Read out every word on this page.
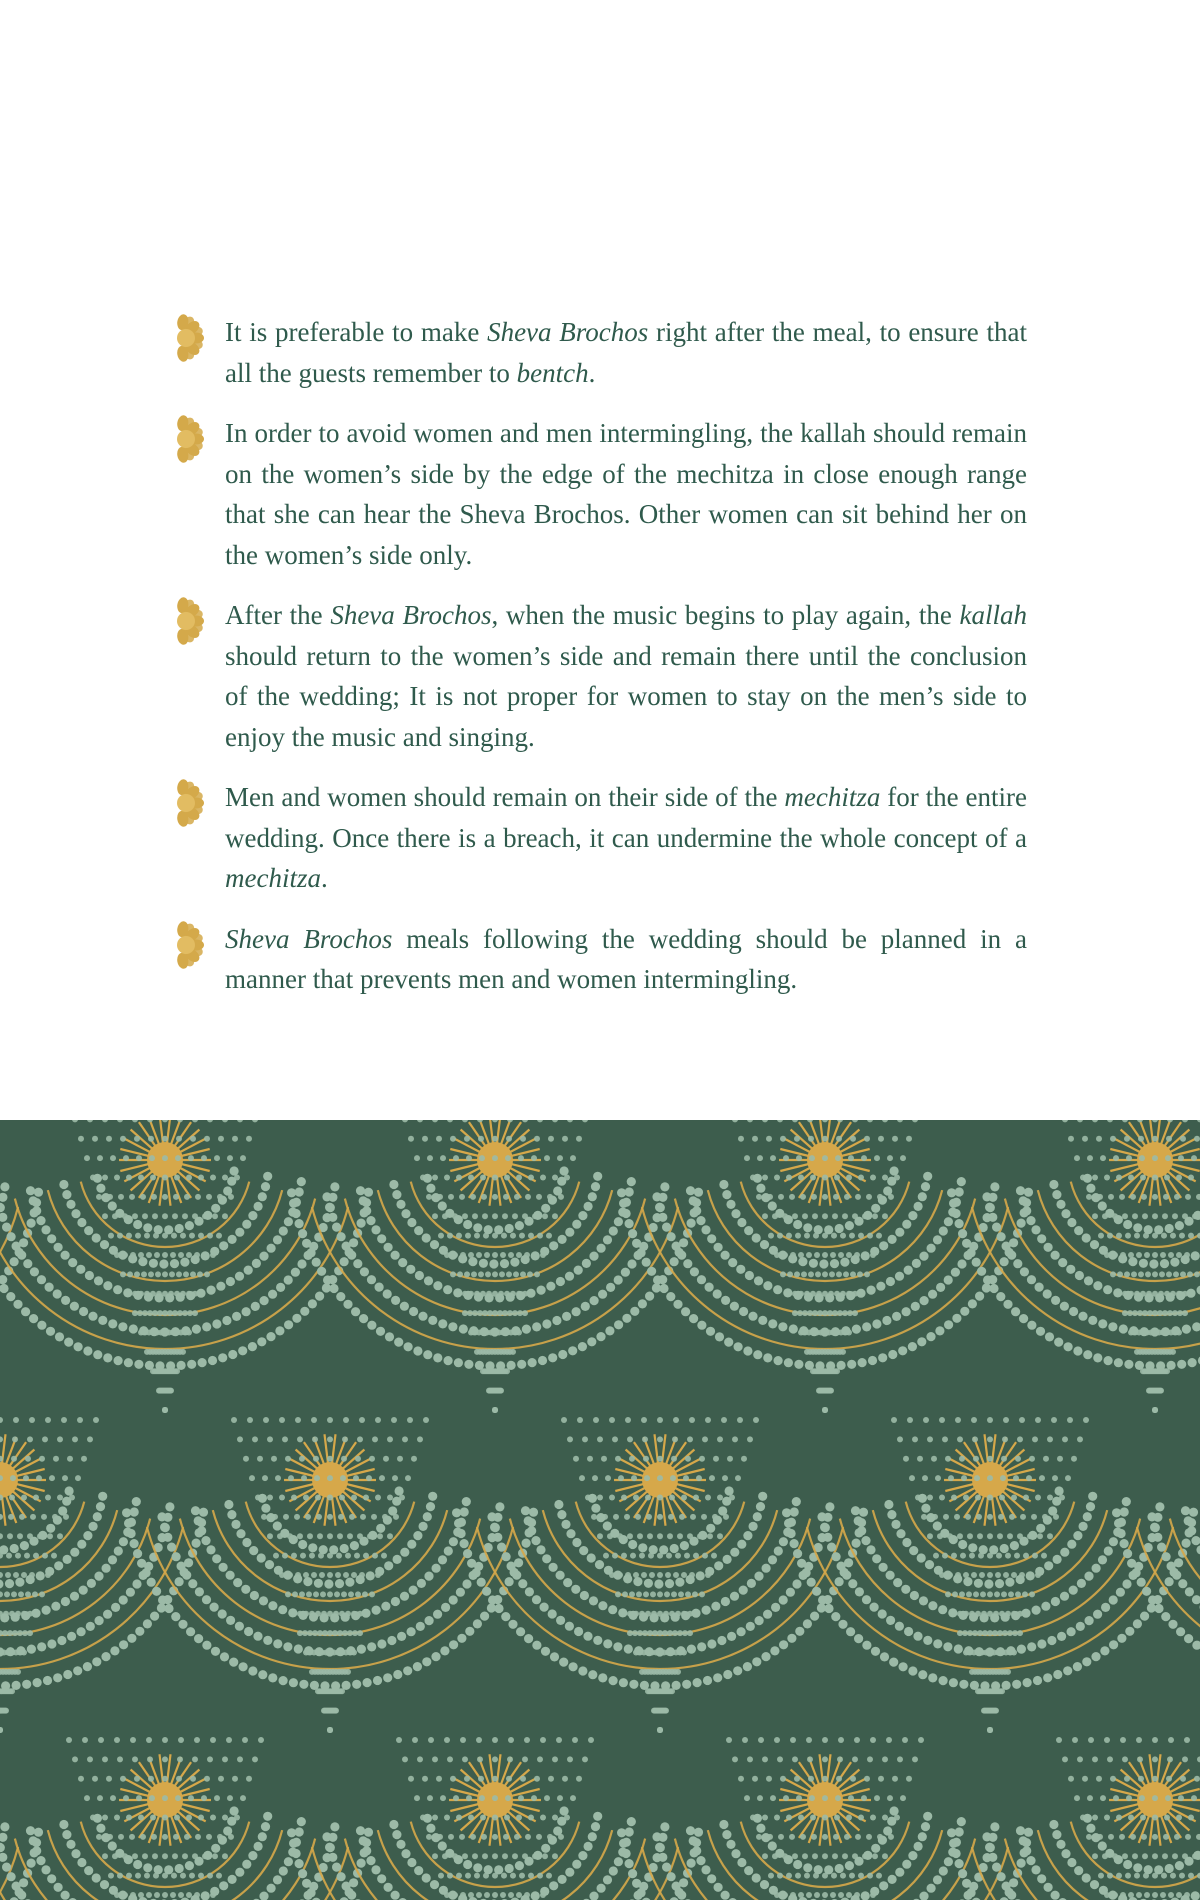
It is preferable to make Sheva Brochos right after the meal, to ensure that all the guests remember to bentch.

In order to avoid women and men intermingling, the kallah should remain on the women’s side by the edge of the mechitza in close enough range that she can hear the Sheva Brochos. Other women can sit behind her on the women’s side only.

After the Sheva Brochos, when the music begins to play again, the kallah should return to the women’s side and remain there until the conclusion of the wedding; It is not proper for women to stay on the men’s side to enjoy the music and singing.

Men and women should remain on their side of the mechitza for the entire wedding. Once there is a breach, it can undermine the whole concept of a mechitza.

Sheva Brochos meals following the wedding should be planned in a manner that prevents men and women intermingling.
